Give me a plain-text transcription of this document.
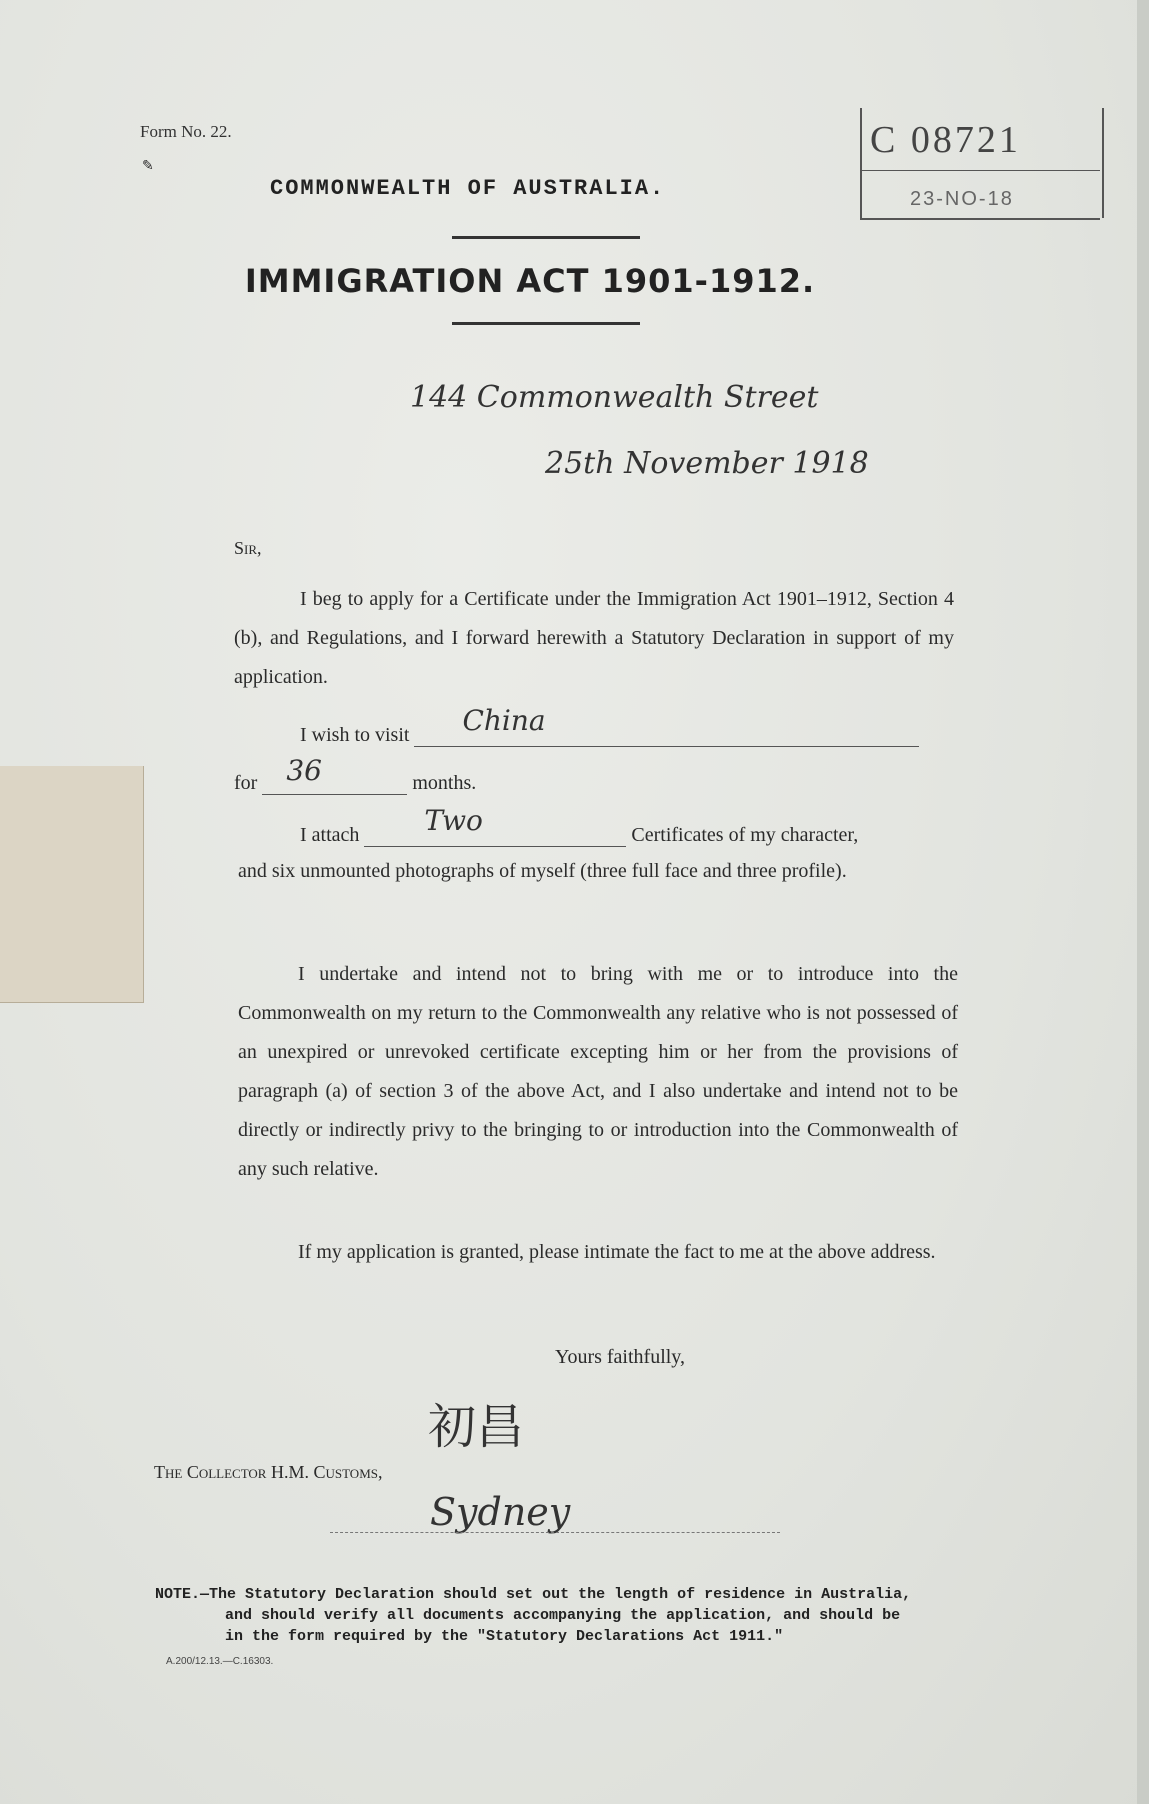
Form No. 22.
✎
COMMONWEALTH OF AUSTRALIA.
C 08721
23-NO-18
IMMIGRATION ACT 1901-1912.
144 Commonwealth Street
25th November 1918
Sir,
I beg to apply for a Certificate under the Immigration Act 1901–1912, Section 4 (b), and Regulations, and I forward herewith a Statutory Declaration in support of my application.
I wish to visit China
for 36	months.
I attach Two	Certificates of my character,
and six unmounted photographs of myself (three full face and three profile).
I undertake and intend not to bring with me or to introduce into the Commonwealth on my return to the Commonwealth any relative who is not possessed of an unexpired or unrevoked certificate excepting him or her from the provisions of paragraph (a) of section 3 of the above Act, and I also undertake and intend not to be directly or indirectly privy to the bringing to or introduction into the Commonwealth of any such relative.
If my application is granted, please intimate the fact to me at the above address.
Yours faithfully,
初昌
The Collector H.M. Customs,
Sydney
NOTE.—The Statutory Declaration should set out the length of residence in Australia,
and should verify all documents accompanying the application, and should be
in the form required by the "Statutory Declarations Act 1911."
A.200/12.13.—C.16303.
